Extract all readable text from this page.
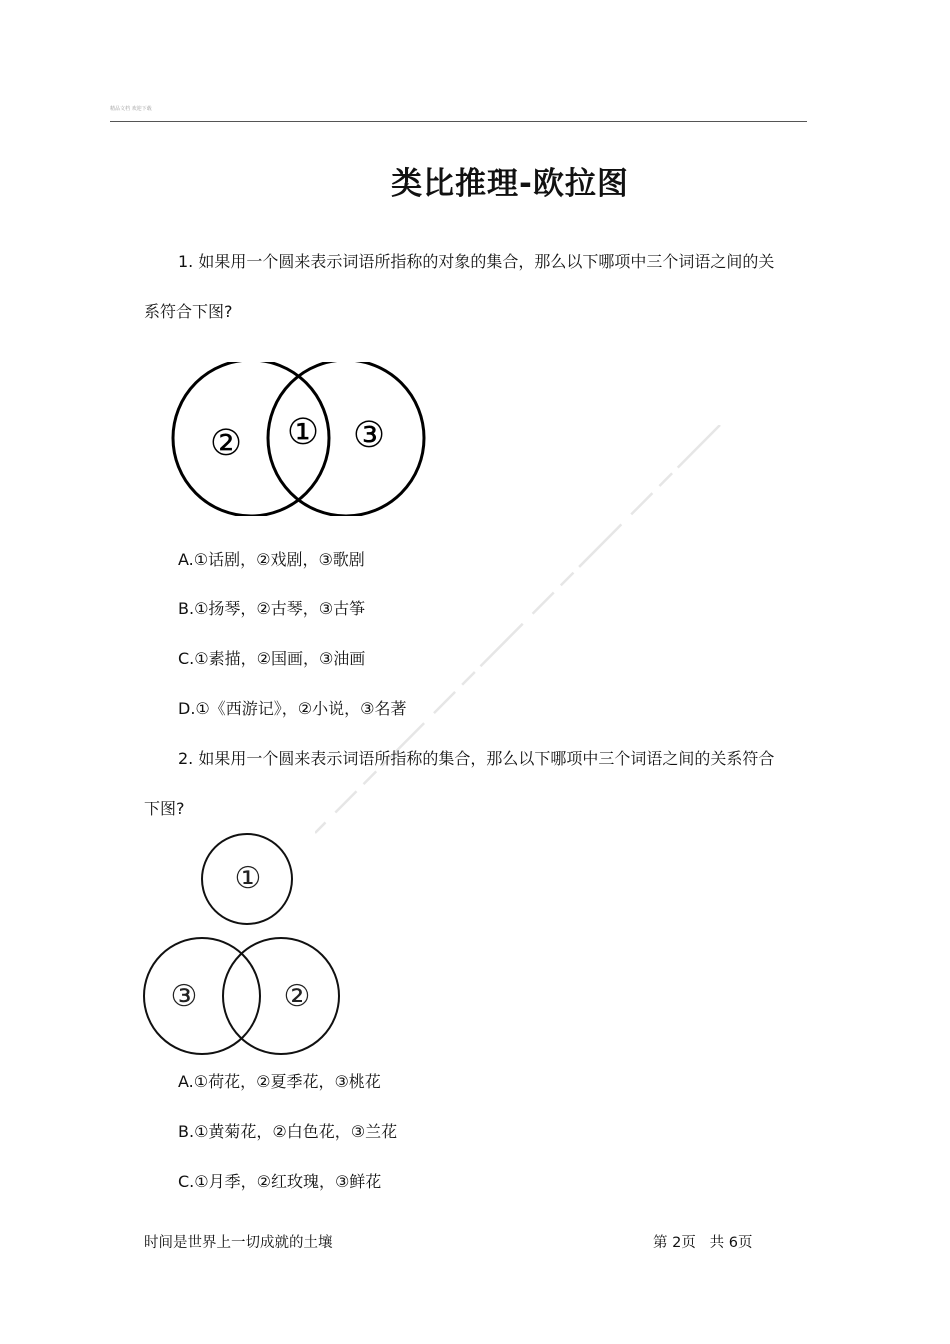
精品文档 欢迎下载
类比推理-欧拉图
1. 如果用一个圆来表示词语所指称的对象的集合，那么以下哪项中三个词语之间的关
系符合下图?
② ① ③
A.①话剧，②戏剧，③歌剧
B.①扬琴，②古琴，③古筝
C.①素描，②国画，③油画
D.①《西游记》，②小说，③名著
2. 如果用一个圆来表示词语所指称的集合，那么以下哪项中三个词语之间的关系符合
下图?
①
③	②
A.①荷花，②夏季花，③桃花
B.①黄菊花，②白色花，③兰花
C.①月季，②红玫瑰，③鲜花
时间是世界上一切成就的土壤	第 2页   共 6页
